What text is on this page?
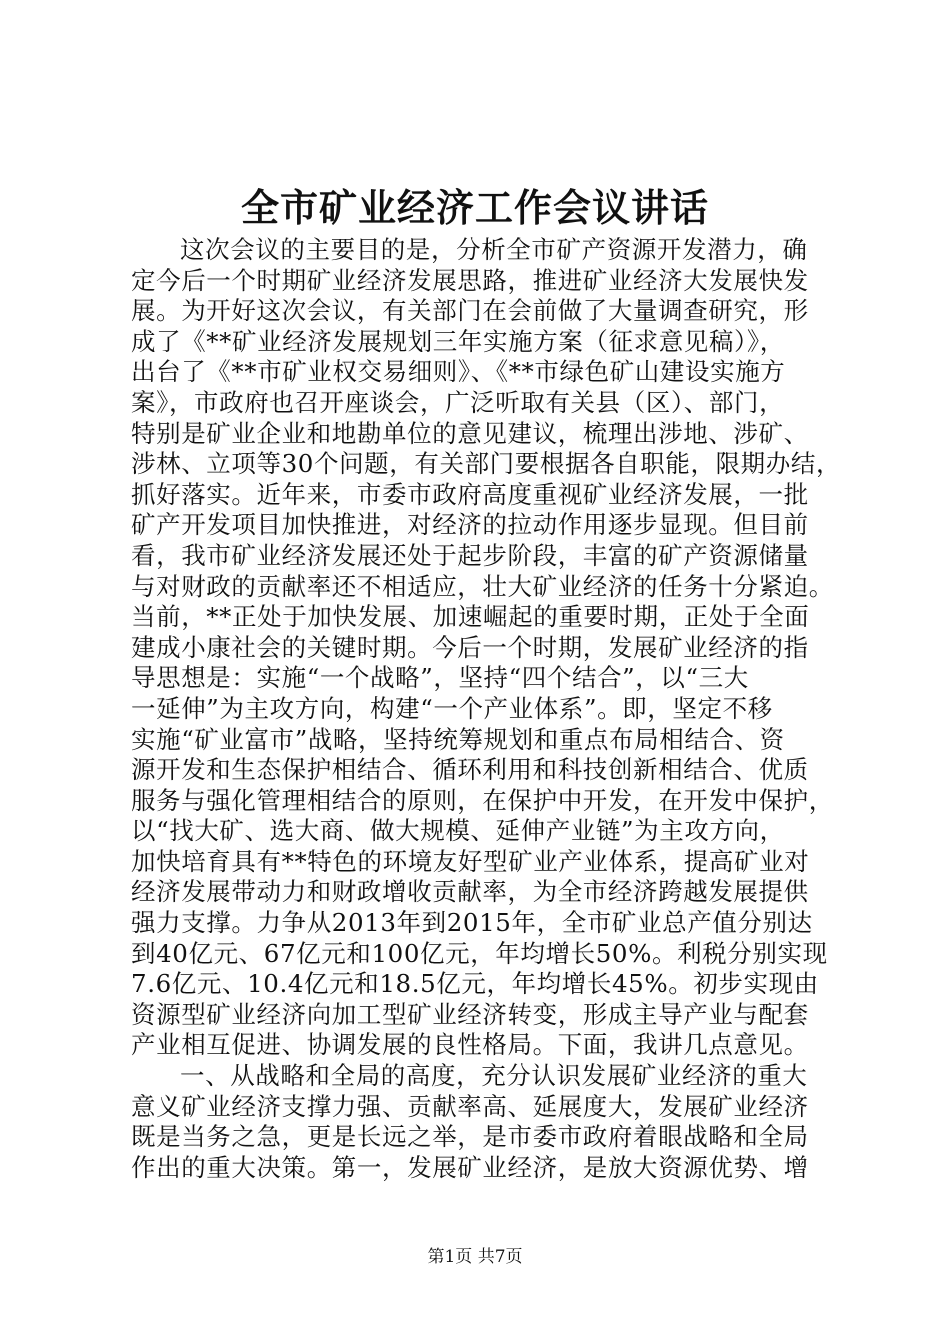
全市矿业经济工作会议讲话
这次会议的主要目的是，分析全市矿产资源开发潜力，确
定今后一个时期矿业经济发展思路，推进矿业经济大发展快发
展。为开好这次会议，有关部门在会前做了大量调查研究，形
成了《**矿业经济发展规划三年实施方案（征求意见稿）》，
出台了《**市矿业权交易细则》、《**市绿色矿山建设实施方
案》，市政府也召开座谈会，广泛听取有关县（区）、部门，
特别是矿业企业和地勘单位的意见建议，梳理出涉地、涉矿、
涉林、立项等30个问题，有关部门要根据各自职能，限期办结，
抓好落实。近年来，市委市政府高度重视矿业经济发展，一批
矿产开发项目加快推进，对经济的拉动作用逐步显现。但目前
看，我市矿业经济发展还处于起步阶段，丰富的矿产资源储量
与对财政的贡献率还不相适应，壮大矿业经济的任务十分紧迫。
当前，**正处于加快发展、加速崛起的重要时期，正处于全面
建成小康社会的关键时期。今后一个时期，发展矿业经济的指
导思想是：实施“一个战略”，坚持“四个结合”，以“三大
一延伸”为主攻方向，构建“一个产业体系”。即，坚定不移
实施“矿业富市”战略，坚持统筹规划和重点布局相结合、资
源开发和生态保护相结合、循环利用和科技创新相结合、优质
服务与强化管理相结合的原则，在保护中开发，在开发中保护，
以“找大矿、选大商、做大规模、延伸产业链”为主攻方向，
加快培育具有**特色的环境友好型矿业产业体系，提高矿业对
经济发展带动力和财政增收贡献率，为全市经济跨越发展提供
强力支撑。力争从2013年到2015年，全市矿业总产值分别达
到40亿元、67亿元和100亿元，年均增长50%。利税分别实现
7.6亿元、10.4亿元和18.5亿元，年均增长45%。初步实现由
资源型矿业经济向加工型矿业经济转变，形成主导产业与配套
产业相互促进、协调发展的良性格局。下面，我讲几点意见。
一、从战略和全局的高度，充分认识发展矿业经济的重大
意义矿业经济支撑力强、贡献率高、延展度大，发展矿业经济
既是当务之急，更是长远之举，是市委市政府着眼战略和全局
作出的重大决策。第一，发展矿业经济，是放大资源优势、增
第1页 共7页
